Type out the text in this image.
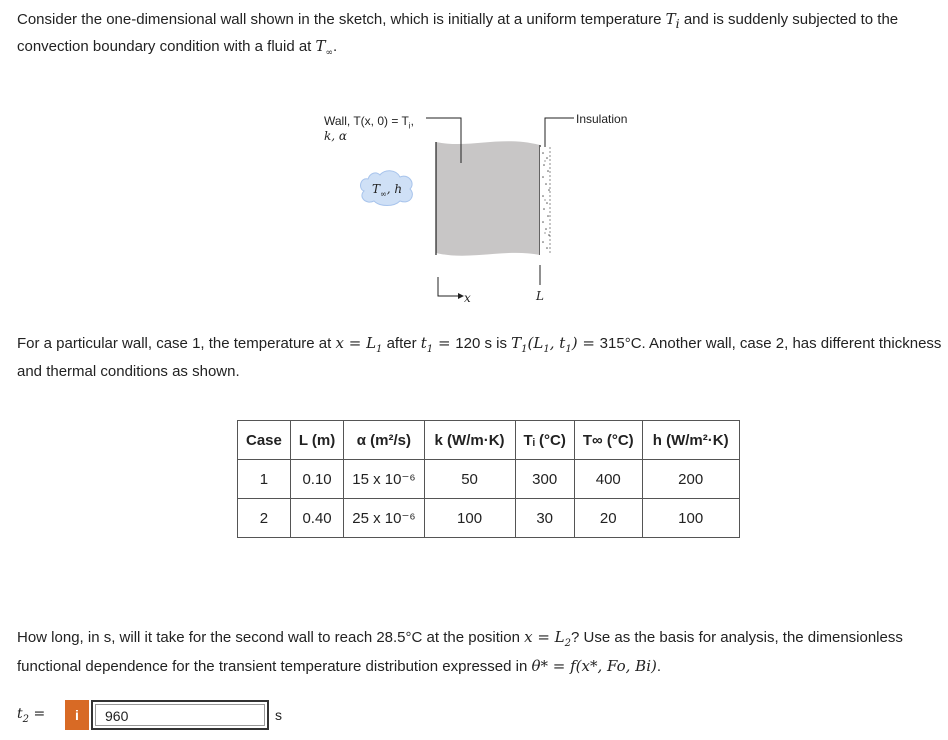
Consider the one-dimensional wall shown in the sketch, which is initially at a uniform temperature $T_i$ and is suddenly subjected to the convection boundary condition with a fluid at $T_\infty$.
Wall, T(x, $0) = T_i$,
k, α
$T_\infty$, h
Insulation
x	L
For a particular wall, case 1, the temperature at $x = L_1$ after $t_1 = 120$ s is $T_1(L_1$, $t_1) = 315^\circ C$. Another wall, case 2, has different thickness and thermal conditions as shown.
Case	L (m)	α (m²/s)	k (W/m·K)	Tᵢ (°C)	T∞ (°C)	h (W/m²·K)
1	0.10	15 x 10⁻⁶	50	300	400	200
2	0.40	25 x 10⁻⁶	100	30	20	100
How long, in s, will it take for the second wall to reach 28.5°C at the position $x = L_2$? Use as the basis for analysis, the dimensionless functional dependence for the transient temperature distribution expressed in θ* = f(x*, Fo, Bi).
$t_2$ =	i
960	s
